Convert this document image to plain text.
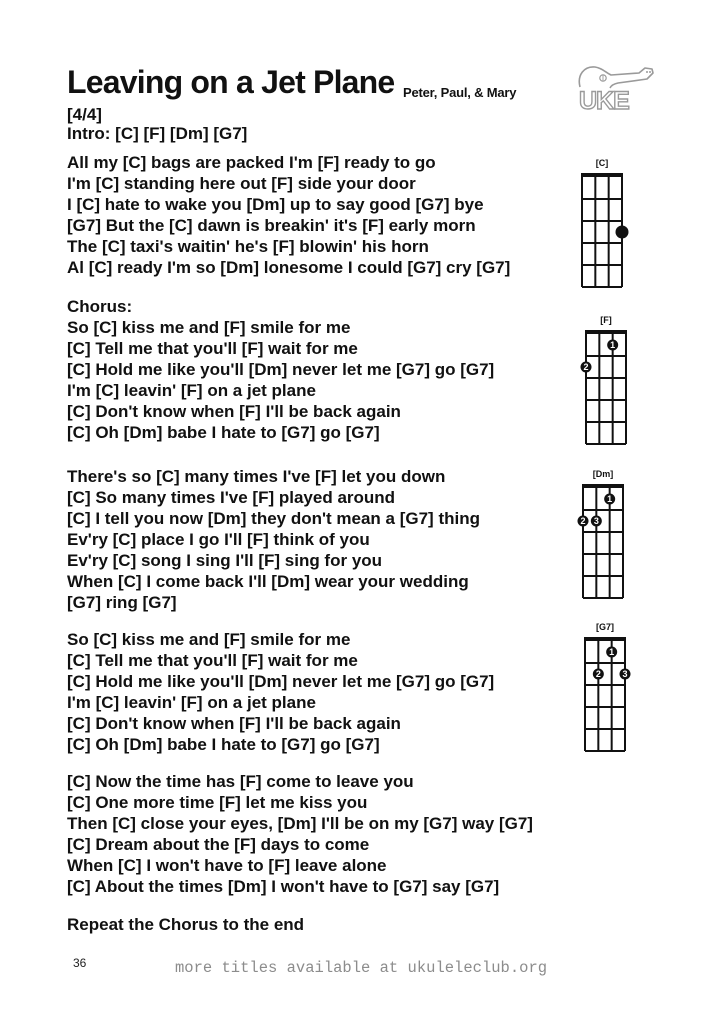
Leaving on a Jet Plane Peter, Paul, & Mary
[4/4]
Intro: [C] [F] [Dm] [G7]
UKE
All my [C] bags are packed I'm [F] ready to go
I'm [C] standing here out [F] side your door
I [C] hate to wake you [Dm] up to say good [G7] bye
[G7] But the [C] dawn is breakin' it's [F] early morn
The [C] taxi's waitin' he's [F] blowin' his horn
Al [C] ready I'm so [Dm] lonesome I could [G7] cry [G7]
Chorus:
So [C] kiss me and [F] smile for me
[C] Tell me that you'll [F] wait for me
[C] Hold me like you'll [Dm] never let me [G7] go [G7]
I'm [C] leavin' [F] on a jet plane
[C] Don't know when [F] I'll be back again
[C] Oh [Dm] babe I hate to [G7] go [G7]
There's so [C] many times I've [F] let you down
[C] So many times I've [F] played around
[C] I tell you now [Dm] they don't mean a [G7] thing
Ev'ry [C] place I go I'll [F] think of you
Ev'ry [C] song I sing I'll [F] sing for you
When [C] I come back I'll [Dm] wear your wedding
[G7] ring [G7]
So [C] kiss me and [F] smile for me
[C] Tell me that you'll [F] wait for me
[C] Hold me like you'll [Dm] never let me [G7] go [G7]
I'm [C] leavin' [F] on a jet plane
[C] Don't know when [F] I'll be back again
[C] Oh [Dm] babe I hate to [G7] go [G7]
[C] Now the time has [F] come to leave you
[C] One more time [F] let me kiss you
Then [C] close your eyes, [Dm] I'll be on my [G7] way [G7]
[C] Dream about the [F] days to come
When [C] I won't have to [F] leave alone
[C] About the times [Dm] I won't have to [G7] say [G7]
Repeat the Chorus to the end
[C]
[F]
1
2
[Dm]
1
2 3
[G7]
1
2 3
36	more titles available at ukuleleclub.org
